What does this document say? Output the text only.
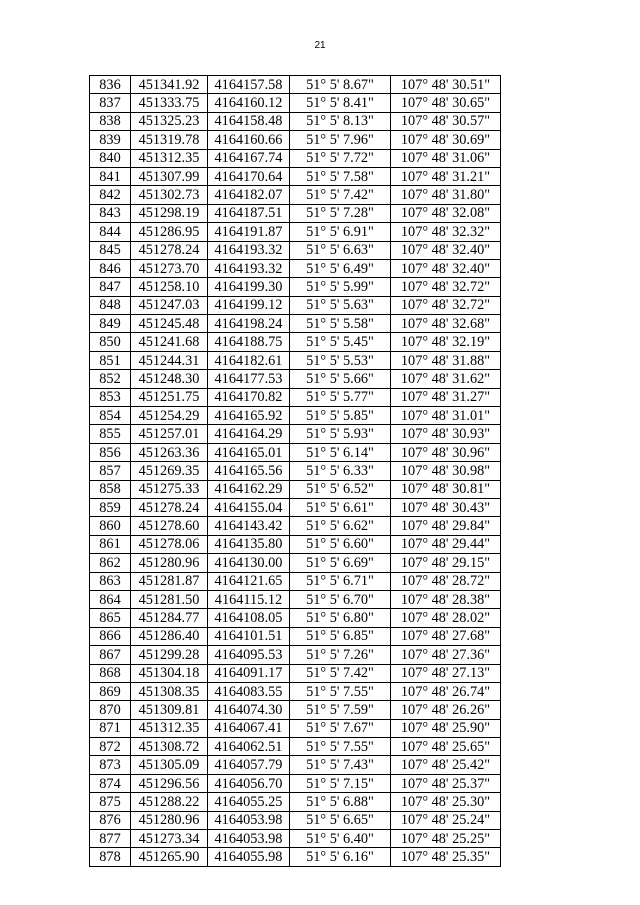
21
836	451341.92	4164157.58	51° 5' 8.67"	107° 48' 30.51"
837	451333.75	4164160.12	51° 5' 8.41"	107° 48' 30.65"
838	451325.23	4164158.48	51° 5' 8.13"	107° 48' 30.57"
839	451319.78	4164160.66	51° 5' 7.96"	107° 48' 30.69"
840	451312.35	4164167.74	51° 5' 7.72"	107° 48' 31.06"
841	451307.99	4164170.64	51° 5' 7.58"	107° 48' 31.21"
842	451302.73	4164182.07	51° 5' 7.42"	107° 48' 31.80"
843	451298.19	4164187.51	51° 5' 7.28"	107° 48' 32.08"
844	451286.95	4164191.87	51° 5' 6.91"	107° 48' 32.32"
845	451278.24	4164193.32	51° 5' 6.63"	107° 48' 32.40"
846	451273.70	4164193.32	51° 5' 6.49"	107° 48' 32.40"
847	451258.10	4164199.30	51° 5' 5.99"	107° 48' 32.72"
848	451247.03	4164199.12	51° 5' 5.63"	107° 48' 32.72"
849	451245.48	4164198.24	51° 5' 5.58"	107° 48' 32.68"
850	451241.68	4164188.75	51° 5' 5.45"	107° 48' 32.19"
851	451244.31	4164182.61	51° 5' 5.53"	107° 48' 31.88"
852	451248.30	4164177.53	51° 5' 5.66"	107° 48' 31.62"
853	451251.75	4164170.82	51° 5' 5.77"	107° 48' 31.27"
854	451254.29	4164165.92	51° 5' 5.85"	107° 48' 31.01"
855	451257.01	4164164.29	51° 5' 5.93"	107° 48' 30.93"
856	451263.36	4164165.01	51° 5' 6.14"	107° 48' 30.96"
857	451269.35	4164165.56	51° 5' 6.33"	107° 48' 30.98"
858	451275.33	4164162.29	51° 5' 6.52"	107° 48' 30.81"
859	451278.24	4164155.04	51° 5' 6.61"	107° 48' 30.43"
860	451278.60	4164143.42	51° 5' 6.62"	107° 48' 29.84"
861	451278.06	4164135.80	51° 5' 6.60"	107° 48' 29.44"
862	451280.96	4164130.00	51° 5' 6.69"	107° 48' 29.15"
863	451281.87	4164121.65	51° 5' 6.71"	107° 48' 28.72"
864	451281.50	4164115.12	51° 5' 6.70"	107° 48' 28.38"
865	451284.77	4164108.05	51° 5' 6.80"	107° 48' 28.02"
866	451286.40	4164101.51	51° 5' 6.85"	107° 48' 27.68"
867	451299.28	4164095.53	51° 5' 7.26"	107° 48' 27.36"
868	451304.18	4164091.17	51° 5' 7.42"	107° 48' 27.13"
869	451308.35	4164083.55	51° 5' 7.55"	107° 48' 26.74"
870	451309.81	4164074.30	51° 5' 7.59"	107° 48' 26.26"
871	451312.35	4164067.41	51° 5' 7.67"	107° 48' 25.90"
872	451308.72	4164062.51	51° 5' 7.55"	107° 48' 25.65"
873	451305.09	4164057.79	51° 5' 7.43"	107° 48' 25.42"
874	451296.56	4164056.70	51° 5' 7.15"	107° 48' 25.37"
875	451288.22	4164055.25	51° 5' 6.88"	107° 48' 25.30"
876	451280.96	4164053.98	51° 5' 6.65"	107° 48' 25.24"
877	451273.34	4164053.98	51° 5' 6.40"	107° 48' 25.25"
878	451265.90	4164055.98	51° 5' 6.16"	107° 48' 25.35"
